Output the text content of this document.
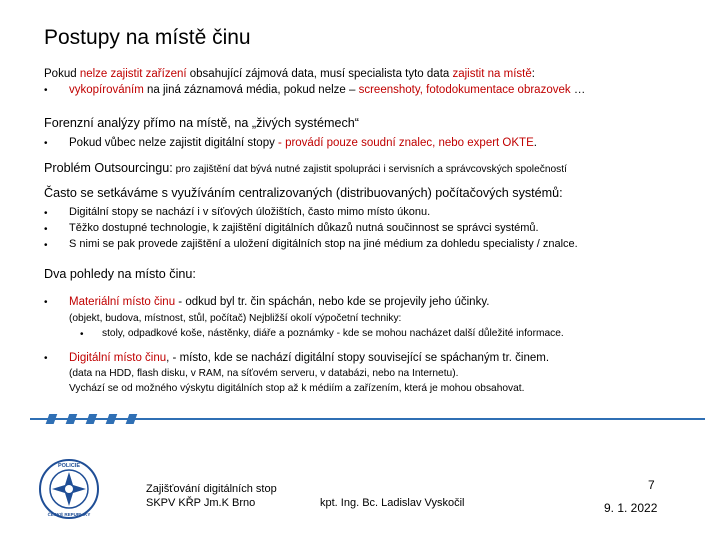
Postupy na místě činu
Pokud nelze zajistit zařízení obsahující zájmová data, musí specialista tyto data zajistit na místě:
• vykopírováním na jiná záznamová média, pokud nelze – screenshoty, fotodokumentace obrazovek …
Forenzní analýzy přímo na místě, na „živých systémech“
• Pokud vůbec nelze zajistit digitální stopy - provádí pouze soudní znalec, nebo expert OKTE.
Problém Outsourcingu: pro zajištění dat bývá nutné zajistit spolupráci i servisních a správcovských společností
Často se setkáváme s využíváním centralizovaných (distribuovaných) počítačových systémů:
• Digitální stopy se nachází i v síťových úložištích, často mimo místo úkonu.
• Těžko dostupné technologie, k zajištění digitálních důkazů nutná součinnost se správci systémů.
• S nimi se pak provede zajištění a uložení digitálních stop na jiné médium za dohledu specialisty / znalce.
Dva pohledy na místo činu:
• Materiální místo činu - odkud byl tr. čin spáchán, nebo kde se projevily jeho účinky.
(objekt, budova, místnost, stůl, počítač) Nejbližší okolí výpočetní techniky:
• stoly, odpadkové koše, nástěnky, diáře a poznámky - kde se mohou nacházet další důležité informace.
• Digitální místo činu, - místo, kde se nachází digitální stopy související se spáchaným tr. činem.
(data na HDD, flash disku, v RAM, na síťovém serveru, v databázi, nebo na Internetu).
Vychází se od možného výskytu digitálních stop až k médiím a zařízením, která je mohou obsahovat.
POLICIE
ČESKÉ REPUBLIKY
Zajišťování digitálních stop
SKPV KŘP Jm.K Brno	kpt. Ing. Bc. Ladislav Vyskočil
7
9. 1. 2022
